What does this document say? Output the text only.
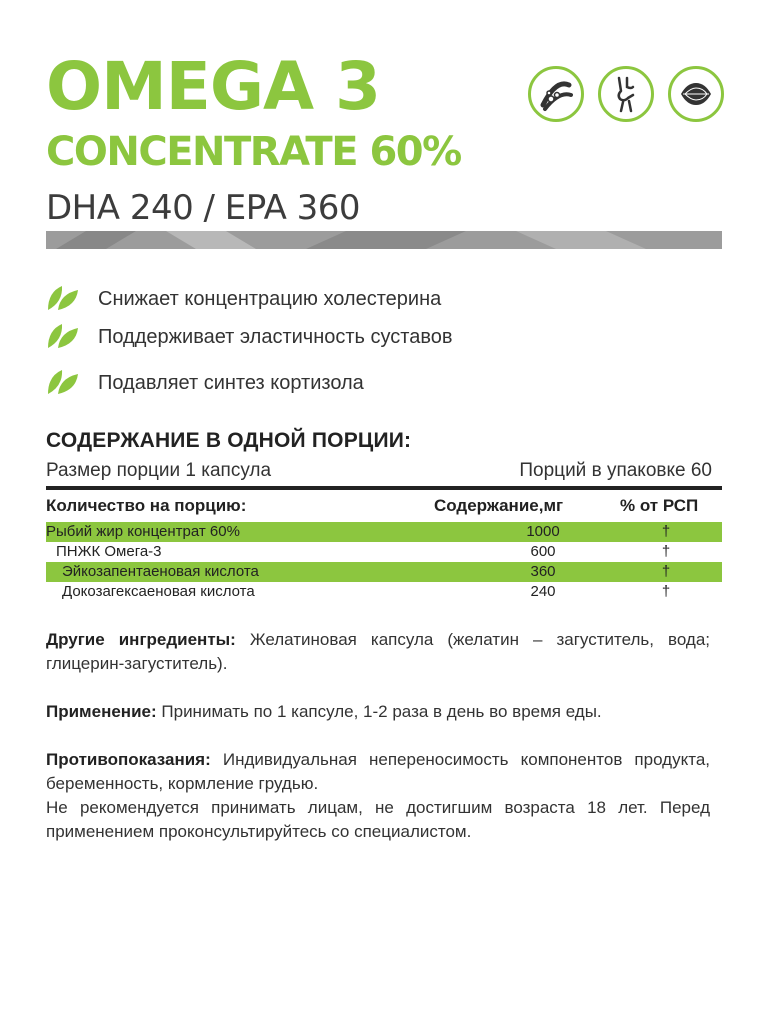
OMEGA 3
CONCENTRATE 60%
DHA 240 / EPA 360
Снижает концентрацию холестерина
Поддерживает эластичность суставов
Подавляет синтез кортизола
СОДЕРЖАНИЕ В ОДНОЙ ПОРЦИИ:
Размер порции 1 капсула	Порций в упаковке 60
Количество на порцию:	Содержание,мг	% от РСП
Рыбий жир концентрат 60%	1000	†
ПНЖК Омега-3	600	†
Эйкозапентаеновая кислота	360	†
Докозагексаеновая кислота	240	†
Другие ингредиенты: Желатиновая капсула (желатин – загуститель, вода; глицерин-загуститель).
Применение: Принимать по 1 капсуле, 1-2 раза в день во время еды.
Противопоказания: Индивидуальная непереносимость компонентов продукта, беременность, кормление грудью.
Не рекомендуется принимать лицам, не достигшим возраста 18 лет. Перед применением проконсультируйтесь со специалистом.
